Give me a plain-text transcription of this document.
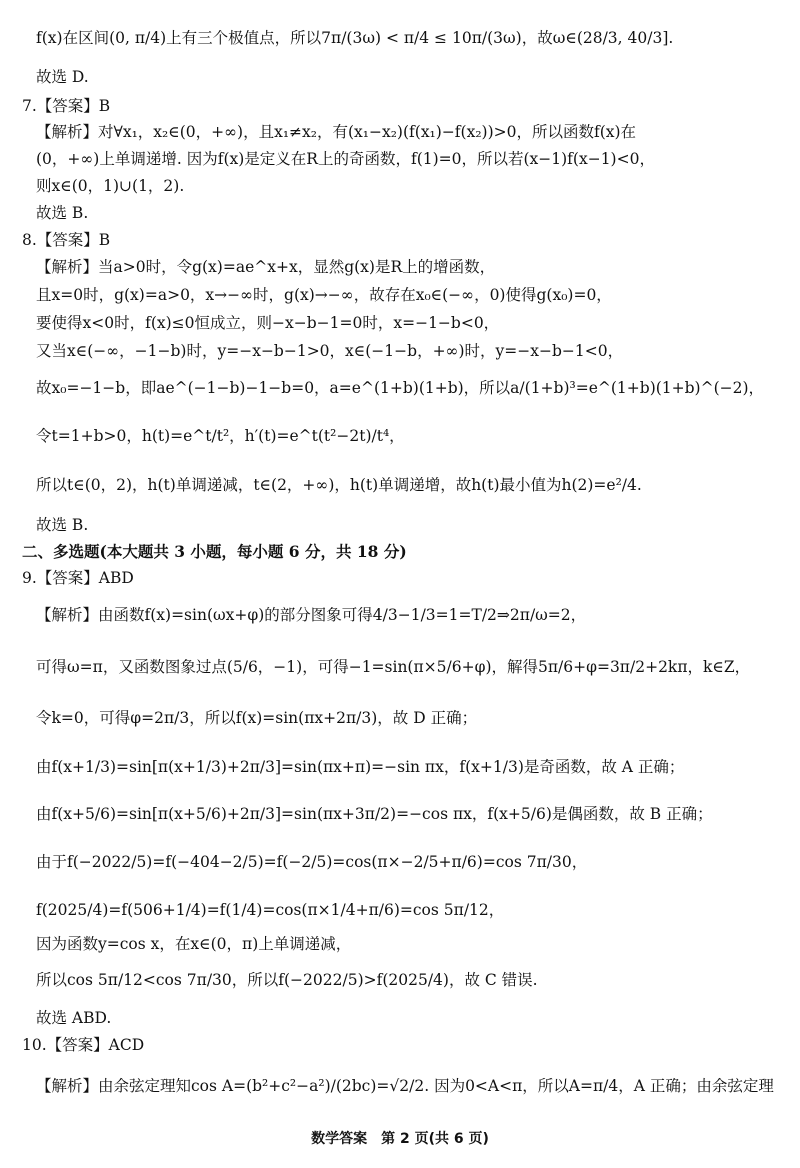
f(x)在区间(0, π/4)上有三个极值点，所以7π/(3ω) < π/4 ≤ 10π/(3ω)，故ω∈(28/3, 40/3].
故选 D.
7.【答案】B
【解析】对∀x₁，x₂∈(0，+∞)，且x₁≠x₂，有(x₁−x₂)(f(x₁)−f(x₂))>0，所以函数f(x)在
(0，+∞)上单调递增. 因为f(x)是定义在R上的奇函数，f(1)=0，所以若(x−1)f(x−1)<0，
则x∈(0，1)∪(1，2).
故选 B.
8.【答案】B
【解析】当a>0时，令g(x)=ae^x+x，显然g(x)是R上的增函数，
且x=0时，g(x)=a>0，x→−∞时，g(x)→−∞，故存在x₀∈(−∞，0)使得g(x₀)=0，
要使得x<0时，f(x)≤0恒成立，则−x−b−1=0时，x=−1−b<0，
又当x∈(−∞，−1−b)时，y=−x−b−1>0，x∈(−1−b，+∞)时，y=−x−b−1<0，
故x₀=−1−b，即ae^(−1−b)−1−b=0，a=e^(1+b)(1+b)，所以a/(1+b)³=e^(1+b)(1+b)^(−2)，
令t=1+b>0，h(t)=e^t/t²，h′(t)=e^t(t²−2t)/t⁴，
所以t∈(0，2)，h(t)单调递减，t∈(2，+∞)，h(t)单调递增，故h(t)最小值为h(2)=e²/4.
故选 B.
二、多选题(本大题共 3 小题，每小题 6 分，共 18 分)
9.【答案】ABD
【解析】由函数f(x)=sin(ωx+φ)的部分图象可得4/3−1/3=1=T/2⇒2π/ω=2，
可得ω=π，又函数图象过点(5/6，−1)，可得−1=sin(π×5/6+φ)，解得5π/6+φ=3π/2+2kπ，k∈Z，
令k=0，可得φ=2π/3，所以f(x)=sin(πx+2π/3)，故 D 正确；
由f(x+1/3)=sin[π(x+1/3)+2π/3]=sin(πx+π)=−sin πx，f(x+1/3)是奇函数，故 A 正确；
由f(x+5/6)=sin[π(x+5/6)+2π/3]=sin(πx+3π/2)=−cos πx，f(x+5/6)是偶函数，故 B 正确；
由于f(−2022/5)=f(−404−2/5)=f(−2/5)=cos(π×−2/5+π/6)=cos 7π/30，
f(2025/4)=f(506+1/4)=f(1/4)=cos(π×1/4+π/6)=cos 5π/12，
因为函数y=cos x，在x∈(0，π)上单调递减，
所以cos 5π/12<cos 7π/30，所以f(−2022/5)>f(2025/4)，故 C 错误.
故选 ABD.
10.【答案】ACD
【解析】由余弦定理知cos A=(b²+c²−a²)/(2bc)=√2/2. 因为0<A<π，所以A=π/4，A 正确；由余弦定理
数学答案　第 2 页(共 6 页)
